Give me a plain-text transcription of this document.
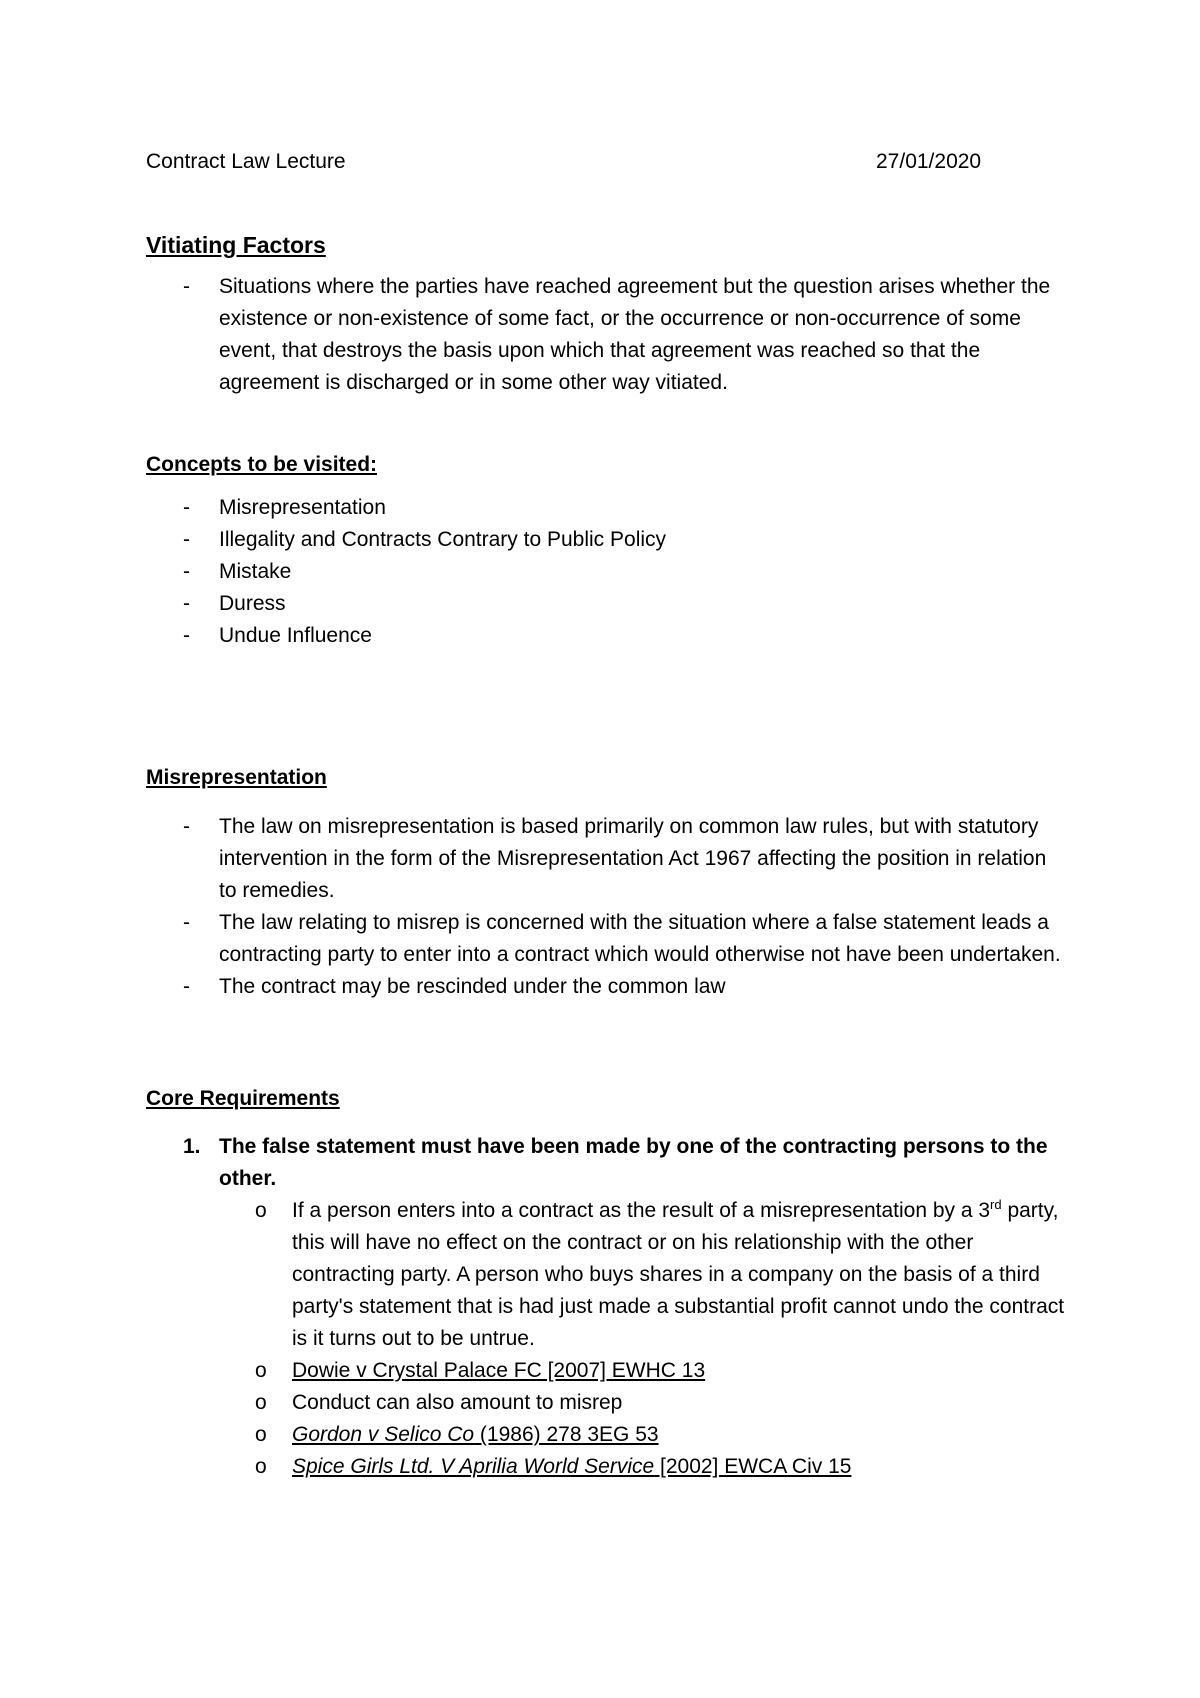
Contract Law Lecture	27/01/2020
Vitiating Factors
- Situations where the parties have reached agreement but the question arises whether the existence or non-existence of some fact, or the occurrence or non-occurrence of some event, that destroys the basis upon which that agreement was reached so that the agreement is discharged or in some other way vitiated.
Concepts to be visited:
- Misrepresentation
- Illegality and Contracts Contrary to Public Policy
- Mistake
- Duress
- Undue Influence
Misrepresentation
- The law on misrepresentation is based primarily on common law rules, but with statutory intervention in the form of the Misrepresentation Act 1967 affecting the position in relation to remedies.
- The law relating to misrep is concerned with the situation where a false statement leads a contracting party to enter into a contract which would otherwise not have been undertaken.
- The contract may be rescinded under the common law
Core Requirements
1. The false statement must have been made by one of the contracting persons to the other.
o If a person enters into a contract as the result of a misrepresentation by a 3rd party, this will have no effect on the contract or on his relationship with the other contracting party. A person who buys shares in a company on the basis of a third party's statement that is had just made a substantial profit cannot undo the contract is it turns out to be untrue.
o Dowie v Crystal Palace FC [2007] EWHC 13
o Conduct can also amount to misrep
o Gordon v Selico Co (1986) 278 3EG 53
o Spice Girls Ltd. V Aprilia World Service [2002] EWCA Civ 15
